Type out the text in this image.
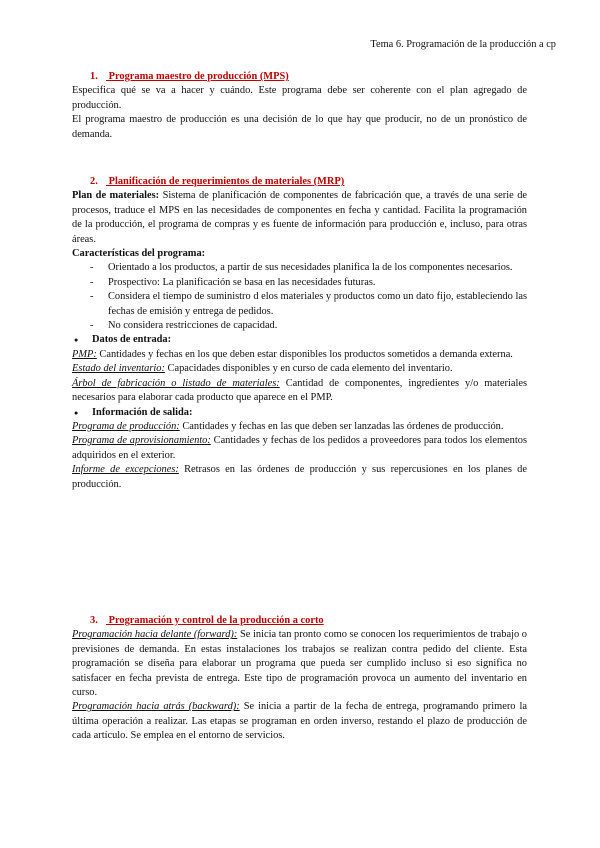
Tema 6. Programación de la producción a cp
1. Programa maestro de producción (MPS)

Especifica qué se va a hacer y cuándo. Este programa debe ser coherente con el plan agregado de producción.

El programa maestro de producción es una decisión de lo que hay que producir, no de un pronóstico de demanda.

2. Planificación de requerimientos de materiales (MRP)

Plan de materiales: Sistema de planificación de componentes de fabricación que, a través de una serie de procesos, traduce el MPS en las necesidades de componentes en fecha y cantidad. Facilita la programación de la producción, el programa de compras y es fuente de información para producción e, incluso, para otras áreas.

Características del programa:

- Orientado a los productos, a partir de sus necesidades planifica la de los componentes necesarios.
- Prospectivo: La planificación se basa en las necesidades futuras.
- Considera el tiempo de suministro d elos materiales y productos como un dato fijo, estableciendo las fechas de emisión y entrega de pedidos.
- No considera restricciones de capacidad.

● Datos de entrada:

PMP: Cantidades y fechas en los que deben estar disponibles los productos sometidos a demanda externa.

Estado del inventario: Capacidades disponibles y en curso de cada elemento del inventario.

Árbol de fabricación o listado de materiales: Cantidad de componentes, ingredientes y/o materiales necesarios para elaborar cada producto que aparece en el PMP.

● Información de salida:

Programa de producción: Cantidades y fechas en las que deben ser lanzadas las órdenes de producción.

Programa de aprovisionamiento: Cantidades y fechas de los pedidos a proveedores para todos los elementos adquiridos en el exterior.

Informe de excepciones: Retrasos en las órdenes de producción y sus repercusiones en los planes de producción.

3. Programación y control de la producción a corto

Programación hacia delante (forward): Se inicia tan pronto como se conocen los requerimientos de trabajo o previsiones de demanda. En estas instalaciones los trabajos se realizan contra pedido del cliente. Esta programación se diseña para elaborar un programa que pueda ser cumplido incluso si eso significa no satisfacer en fecha prevista de entrega. Este tipo de programación provoca un aumento del inventario en curso.

Programación hacia atrás (backward): Se inicia a partir de la fecha de entrega, programando primero la última operación a realizar. Las etapas se programan en orden inverso, restando el plazo de producción de cada artículo. Se emplea en el entorno de servicios.
